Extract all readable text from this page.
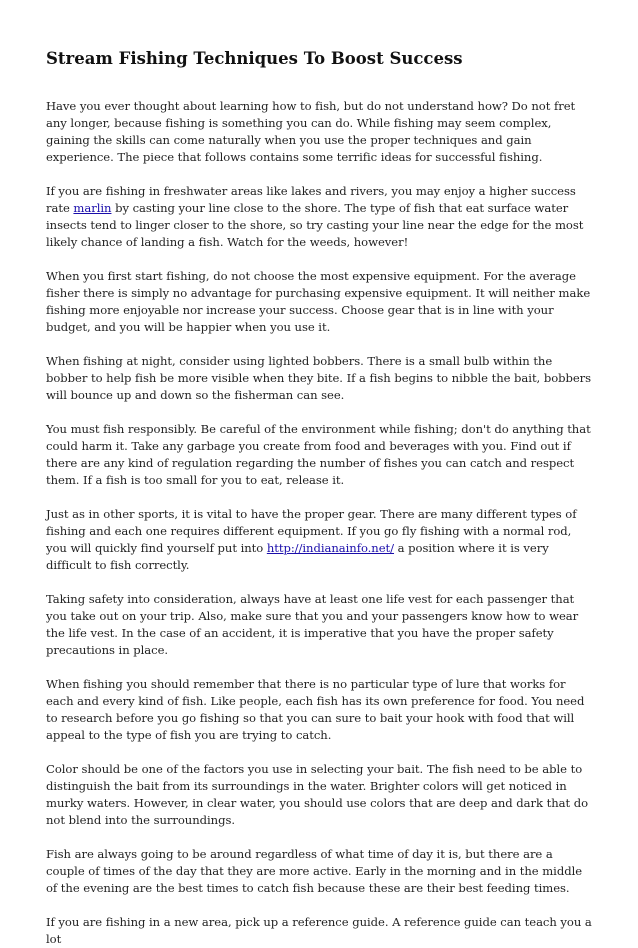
Stream Fishing Techniques To Boost Success

Have you ever thought about learning how to fish, but do not understand how? Do not fret any longer, because fishing is something you can do. While fishing may seem complex, gaining the skills can come naturally when you use the proper techniques and gain experience. The piece that follows contains some terrific ideas for successful fishing.

If you are fishing in freshwater areas like lakes and rivers, you may enjoy a higher success rate marlin by casting your line close to the shore. The type of fish that eat surface water insects tend to linger closer to the shore, so try casting your line near the edge for the most likely chance of landing a fish. Watch for the weeds, however!

When you first start fishing, do not choose the most expensive equipment. For the average fisher there is simply no advantage for purchasing expensive equipment. It will neither make fishing more enjoyable nor increase your success. Choose gear that is in line with your budget, and you will be happier when you use it.

When fishing at night, consider using lighted bobbers. There is a small bulb within the bobber to help fish be more visible when they bite. If a fish begins to nibble the bait, bobbers will bounce up and down so the fisherman can see.

You must fish responsibly. Be careful of the environment while fishing; don't do anything that could harm it. Take any garbage you create from food and beverages with you. Find out if there are any kind of regulation regarding the number of fishes you can catch and respect them. If a fish is too small for you to eat, release it.

Just as in other sports, it is vital to have the proper gear. There are many different types of fishing and each one requires different equipment. If you go fly fishing with a normal rod, you will quickly find yourself put into http://indianainfo.net/ a position where it is very difficult to fish correctly.

Taking safety into consideration, always have at least one life vest for each passenger that you take out on your trip. Also, make sure that you and your passengers know how to wear the life vest. In the case of an accident, it is imperative that you have the proper safety precautions in place.

When fishing you should remember that there is no particular type of lure that works for each and every kind of fish. Like people, each fish has its own preference for food. You need to research before you go fishing so that you can sure to bait your hook with food that will appeal to the type of fish you are trying to catch.

Color should be one of the factors you use in selecting your bait. The fish need to be able to distinguish the bait from its surroundings in the water. Brighter colors will get noticed in murky waters. However, in clear water, you should use colors that are deep and dark that do not blend into the surroundings.

Fish are always going to be around regardless of what time of day it is, but there are a couple of times of the day that they are more active. Early in the morning and in the middle of the evening are the best times to catch fish because these are their best feeding times.

If you are fishing in a new area, pick up a reference guide. A reference guide can teach you a lot
